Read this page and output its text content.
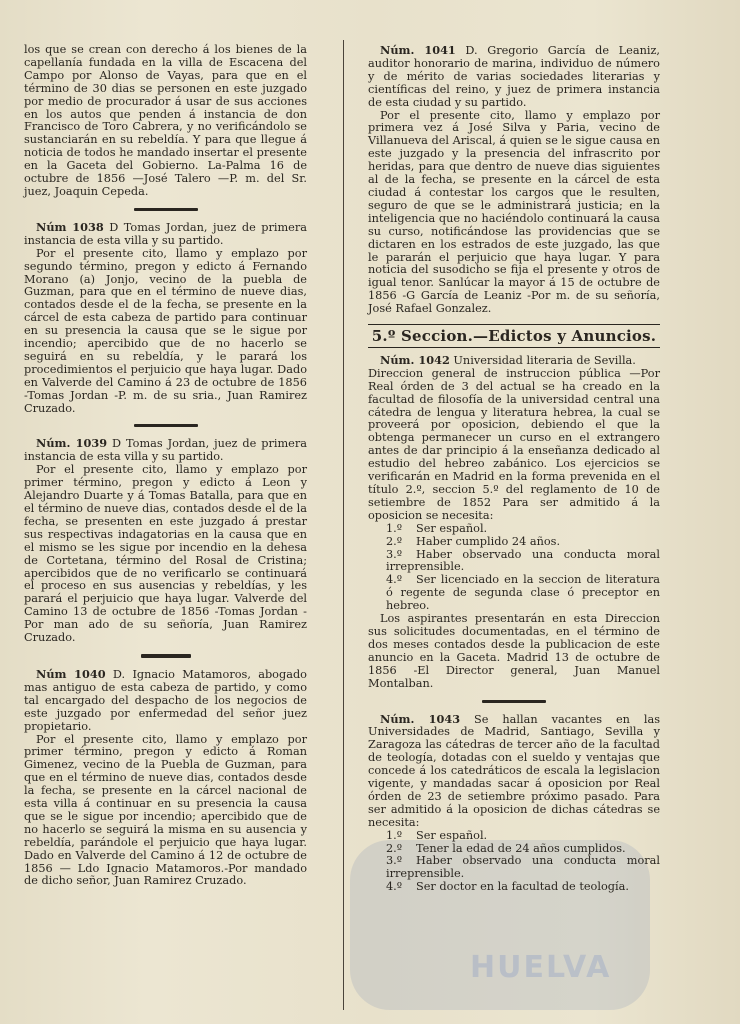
HUELVA

los que se crean con derecho á los bienes de la capellanía fundada en la villa de Escacena del Campo por Alonso de Vayas, para que en el término de 30 dias se personen en este juzgado por medio de procurador á usar de sus acciones en los autos que penden á instancia de don Francisco de Toro Cabrera, y no verificándolo se sustanciarán en su rebeldía. Y para que llegue á noticia de todos he mandado insertar el presente en la Gaceta del Gobierno. La-Palma 16 de octubre de 1856 —José Talero —P. m. del Sr. juez, Joaquin Cepeda.

Núm 1038 D Tomas Jordan, juez de primera instancia de esta villa y su partido.

Por el presente cito, llamo y emplazo por segundo término, pregon y edicto á Fernando Morano (a) Jonjo, vecino de la puebla de Guzman, para que en el término de nueve dias, contados desde el de la fecha, se presente en la cárcel de esta cabeza de partido para continuar en su presencia la causa que se le sigue por incendio; apercibido que de no hacerlo se seguirá en su rebeldía, y le parará los procedimientos el perjuicio que haya lugar. Dado en Valverde del Camino á 23 de octubre de 1856 -Tomas Jordan -P. m. de su sria., Juan Ramirez Cruzado.

Núm. 1039 D Tomas Jordan, juez de primera instancia de esta villa y su partido.

Por el presente cito, llamo y emplazo por primer término, pregon y edicto á Leon y Alejandro Duarte y á Tomas Batalla, para que en el término de nueve dias, contados desde el de la fecha, se presenten en este juzgado á prestar sus respectivas indagatorias en la causa que en el mismo se les sigue por incendio en la dehesa de Cortetana, término del Rosal de Cristina; apercibidos que de no verificarlo se continuará el proceso en sus ausencias y rebeldías, y les parará el perjuicio que haya lugar. Valverde del Camino 13 de octubre de 1856 -Tomas Jordan -Por man ado de su señoría, Juan Ramirez Cruzado.

Núm 1040 D. Ignacio Matamoros, abogado mas antiguo de esta cabeza de partido, y como tal encargado del despacho de los negocios de este juzgado por enfermedad del señor juez propietario.

Por el presente cito, llamo y emplazo por primer término, pregon y edicto á Roman Gimenez, vecino de la Puebla de Guzman, para que en el término de nueve dias, contados desde la fecha, se presente en la cárcel nacional de esta villa á continuar en su presencia la causa que se le sigue por incendio; apercibido que de no hacerlo se seguirá la misma en su ausencia y rebeldía, parándole el perjuicio que haya lugar. Dado en Valverde del Camino á 12 de octubre de 1856 — Ldo Ignacio Matamoros.-Por mandado de dicho señor, Juan Ramirez Cruzado.

Núm. 1041 D. Gregorio García de Leaniz, auditor honorario de marina, individuo de número y de mérito de varias sociedades literarias y científicas del reino, y juez de primera instancia de esta ciudad y su partido.

Por el presente cito, llamo y emplazo por primera vez á José Silva y Paria, vecino de Villanueva del Ariscal, á quien se le sigue causa en este juzgado y la presencia del infrascrito por heridas, para que dentro de nueve dias siguientes al de la fecha, se presente en la cárcel de esta ciudad á contestar los cargos que le resulten, seguro de que se le administrará justicia; en la inteligencia que no haciéndolo continuará la causa su curso, notificándose las providencias que se dictaren en los estrados de este juzgado, las que le pararán el perjuicio que haya lugar. Y para noticia del susodicho se fija el presente y otros de igual tenor. Sanlúcar la mayor á 15 de octubre de 1856 -G García de Leaniz -Por m. de su señoría, José Rafael Gonzalez.

5.º Seccion.—Edictos y Anuncios.

Núm. 1042 Universidad literaria de Sevilla.

Direccion general de instruccion pública —Por Real órden de 3 del actual se ha creado en la facultad de filosofía de la universidad central una cátedra de lengua y literatura hebrea, la cual se proveerá por oposicion, debiendo el que la obtenga permanecer un curso en el extrangero antes de dar principio á la enseñanza dedicado al estudio del hebreo zabánico. Los ejercicios se verificarán en Madrid en la forma prevenida en el título 2.º, seccion 5.º del reglamento de 10 de setiembre de 1852 Para ser admitido á la oposicion se necesita:

1.º Ser español.

2.º Haber cumplido 24 años.

3.º Haber observado una conducta moral irreprensible.

4.º Ser licenciado en la seccion de literatura ó regente de segunda clase ó preceptor en hebreo.

Los aspirantes presentarán en esta Direccion sus solicitudes documentadas, en el término de dos meses contados desde la publicacion de este anuncio en la Gaceta. Madrid 13 de octubre de 1856 -El Director general, Juan Manuel Montalban.

Núm. 1043 Se hallan vacantes en las Universidades de Madrid, Santiago, Sevilla y Zaragoza las cátedras de tercer año de la facultad de teología, dotadas con el sueldo y ventajas que concede á los catedráticos de escala la legislacion vigente, y mandadas sacar á oposicion por Real órden de 23 de setiembre próximo pasado. Para ser admitido á la oposicion de dichas cátedras se necesita:

1.º Ser español.

2.º Tener la edad de 24 años cumplidos.

3.º Haber observado una conducta moral irreprensible.

4.º Ser doctor en la facultad de teología.
